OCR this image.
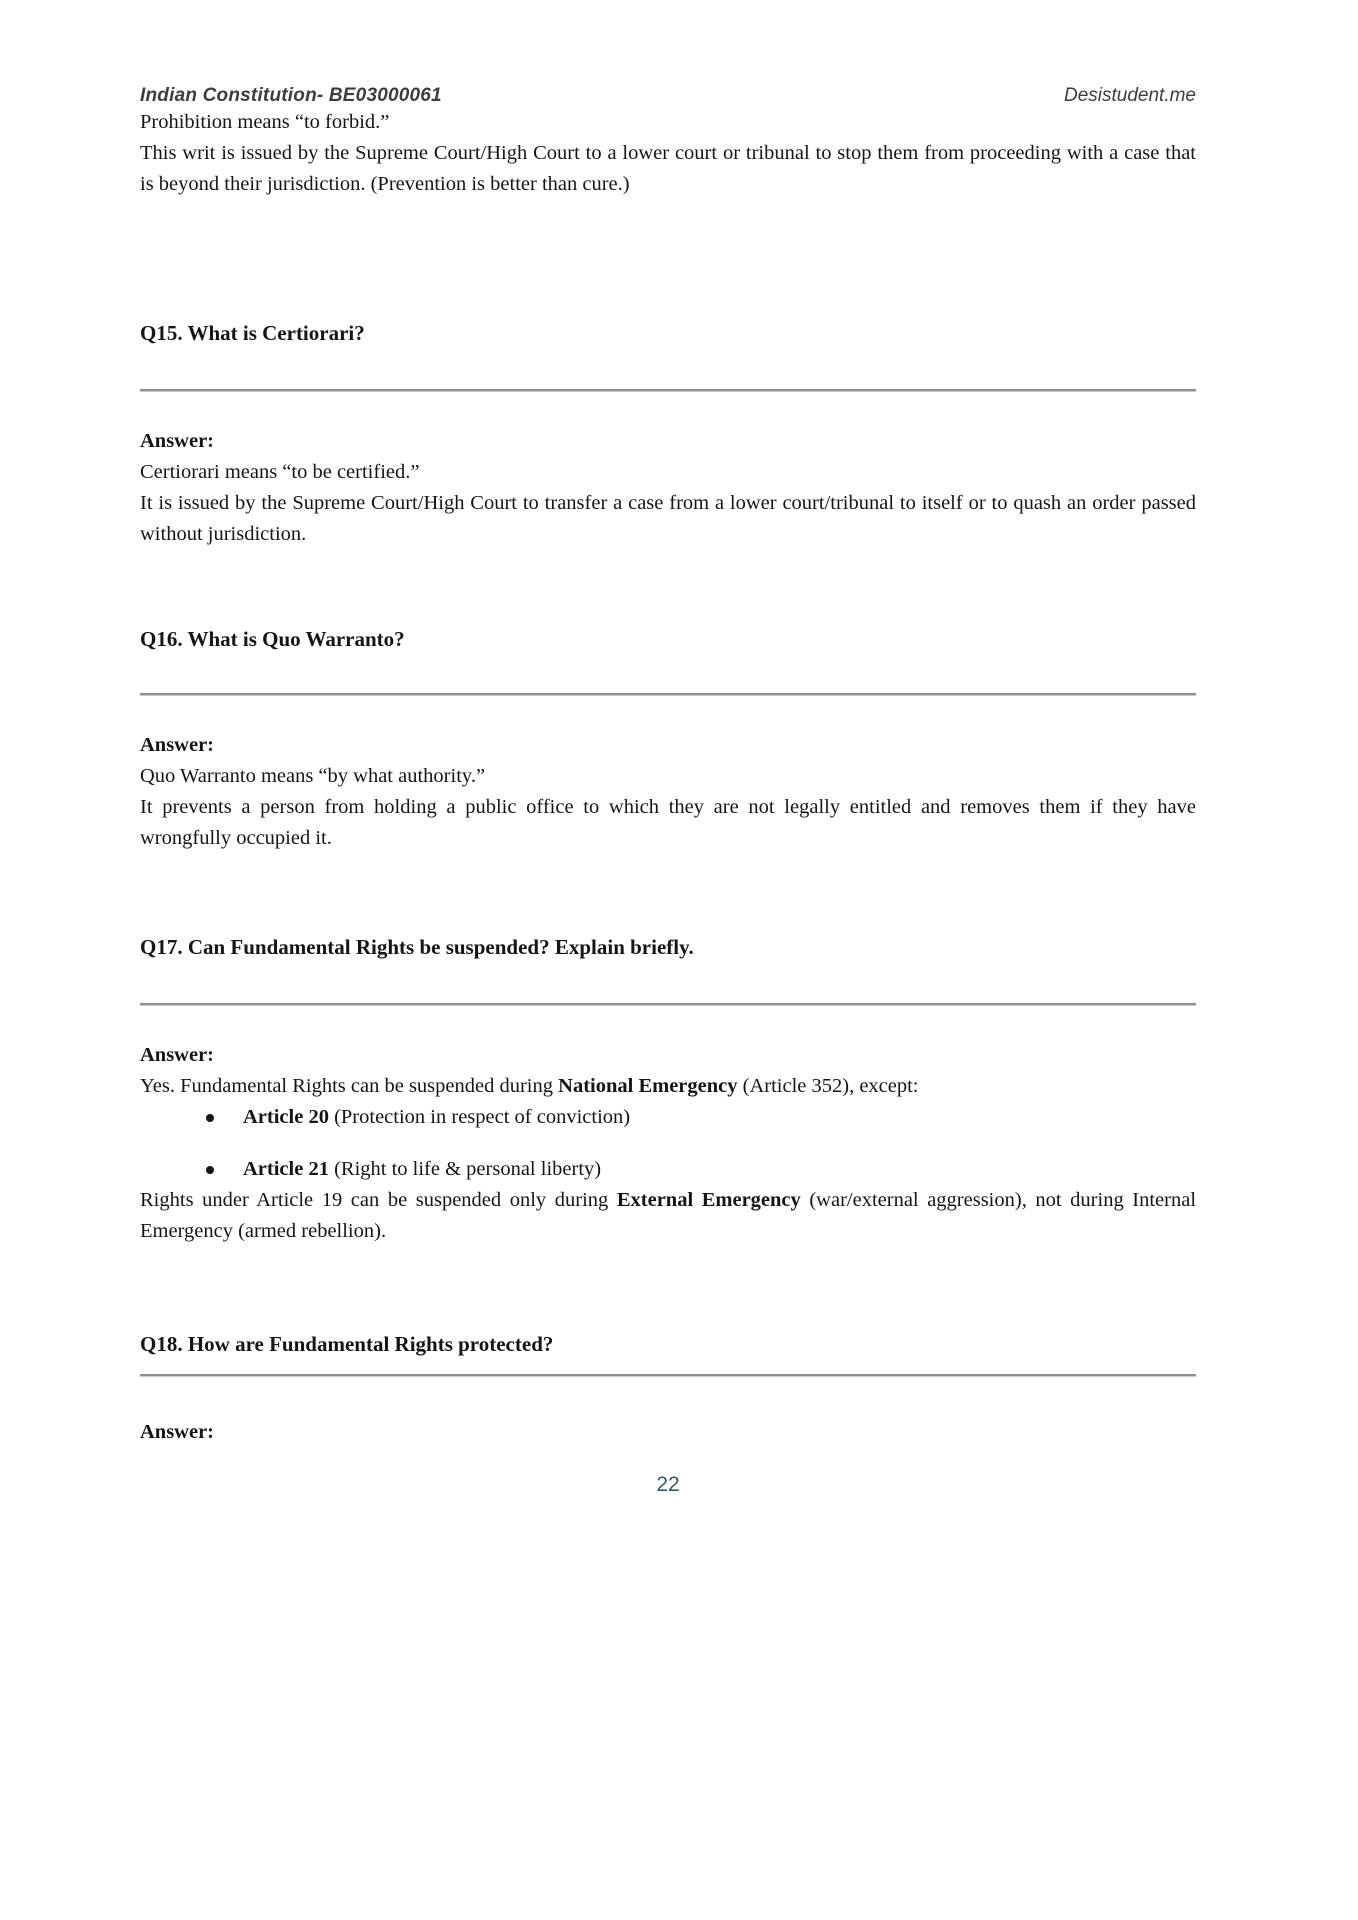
Indian Constitution- BE03000061	Desistudent.me

Prohibition means “to forbid.”

This writ is issued by the Supreme Court/High Court to a lower court or tribunal to stop them from proceeding with a case that is beyond their jurisdiction. (Prevention is better than cure.)

Q15. What is Certiorari?

Answer:

Certiorari means “to be certified.”

It is issued by the Supreme Court/High Court to transfer a case from a lower court/tribunal to itself or to quash an order passed without jurisdiction.

Q16. What is Quo Warranto?

Answer:

Quo Warranto means “by what authority.”

It prevents a person from holding a public office to which they are not legally entitled and removes them if they have wrongfully occupied it.

Q17. Can Fundamental Rights be suspended? Explain briefly.

Answer:

Yes. Fundamental Rights can be suspended during National Emergency (Article 352), except:

Article 20 (Protection in respect of conviction)
Article 21 (Right to life & personal liberty)

Rights under Article 19 can be suspended only during External Emergency (war/external aggression), not during Internal Emergency (armed rebellion).

Q18. How are Fundamental Rights protected?

Answer:

22
